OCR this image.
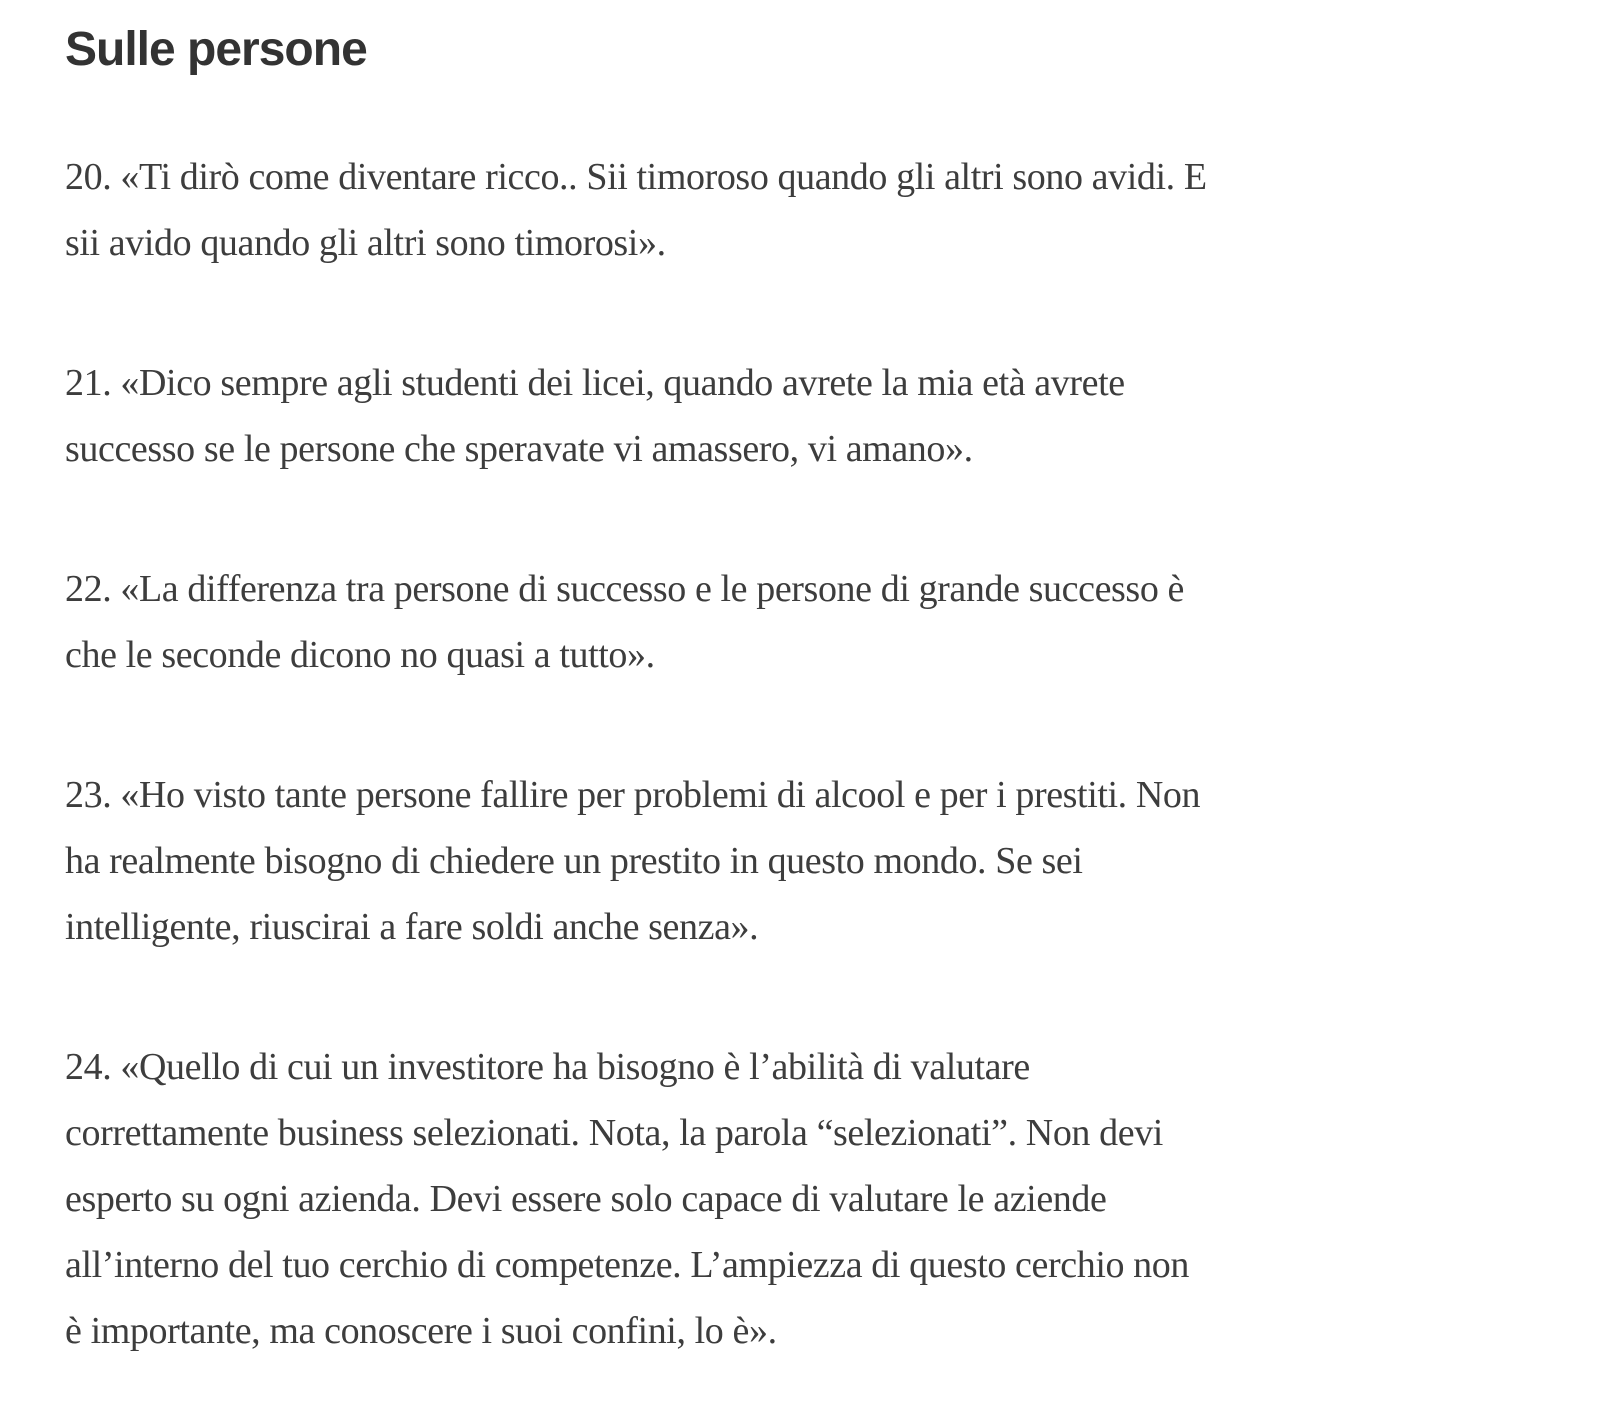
Sulle persone

20. «Ti dirò come diventare ricco.. Sii timoroso quando gli altri sono avidi. E
sii avido quando gli altri sono timorosi».

21. «Dico sempre agli studenti dei licei, quando avrete la mia età avrete
successo se le persone che speravate vi amassero, vi amano».

22. «La differenza tra persone di successo e le persone di grande successo è
che le seconde dicono no quasi a tutto».

23. «Ho visto tante persone fallire per problemi di alcool e per i prestiti. Non
ha realmente bisogno di chiedere un prestito in questo mondo. Se sei
intelligente, riuscirai a fare soldi anche senza».

24. «Quello di cui un investitore ha bisogno è l’abilità di valutare
correttamente business selezionati. Nota, la parola “selezionati”. Non devi
esperto su ogni azienda. Devi essere solo capace di valutare le aziende
all’interno del tuo cerchio di competenze. L’ampiezza di questo cerchio non
è importante, ma conoscere i suoi confini, lo è».
